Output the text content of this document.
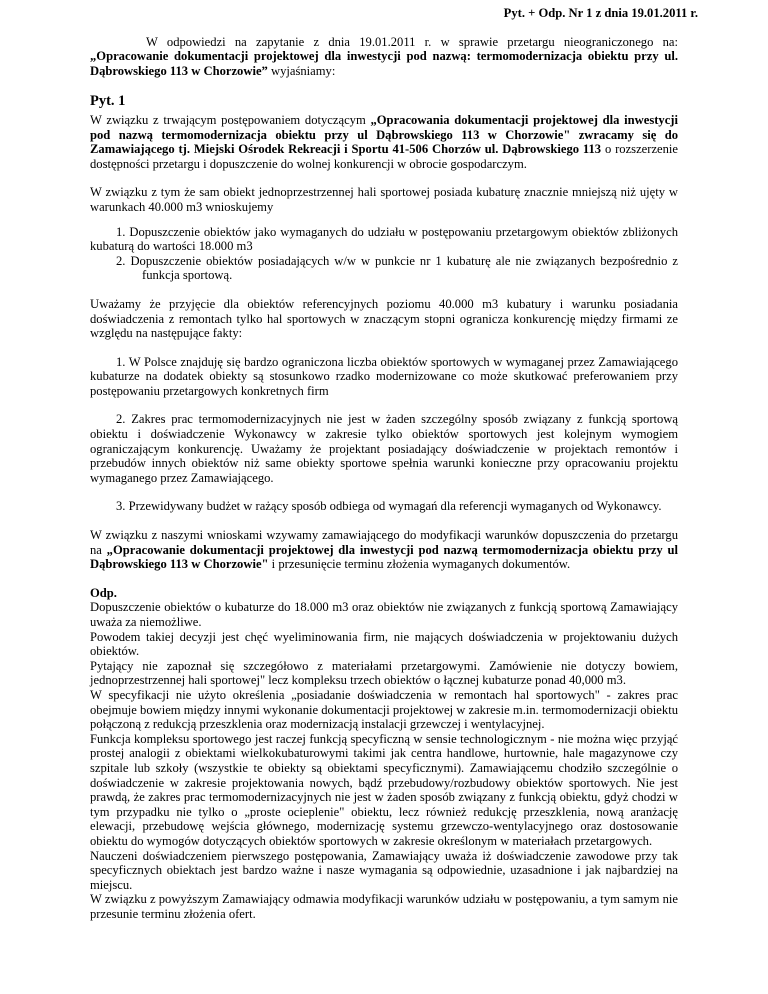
Pyt. + Odp. Nr 1 z dnia 19.01.2011 r.

W odpowiedzi na zapytanie z dnia 19.01.2011 r. w sprawie przetargu nieograniczonego na: „Opracowanie dokumentacji projektowej dla inwestycji pod nazwą: termomodernizacja obiektu przy ul. Dąbrowskiego 113 w Chorzowie” wyjaśniamy:

Pyt. 1

W związku z trwającym postępowaniem dotyczącym „Opracowania dokumentacji projektowej dla inwestycji pod nazwą termomodernizacja obiektu przy ul Dąbrowskiego 113 w Chorzowie" zwracamy się do Zamawiającego tj. Miejski Ośrodek Rekreacji i Sportu 41-506 Chorzów ul. Dąbrowskiego 113 o rozszerzenie dostępności przetargu i dopuszczenie do wolnej konkurencji w obrocie gospodarczym.

W związku z tym że sam obiekt jednoprzestrzennej hali sportowej posiada kubaturę znacznie mniejszą niż ujęty w warunkach 40.000 m3 wnioskujemy

1. Dopuszczenie obiektów jako wymaganych do udziału w postępowaniu przetargowym obiektów zbliżonych kubaturą do wartości 18.000 m3

2. Dopuszczenie obiektów posiadających w/w w punkcie nr 1 kubaturę ale nie związanych bezpośrednio z funkcja sportową.

Uważamy że przyjęcie dla obiektów referencyjnych poziomu 40.000 m3 kubatury i warunku posiadania doświadczenia z remontach tylko hal sportowych w znaczącym stopni ogranicza konkurencję między firmami ze względu na następujące fakty:

1. W Polsce znajduję się bardzo ograniczona liczba obiektów sportowych w wymaganej przez Zamawiającego kubaturze na dodatek obiekty są stosunkowo rzadko modernizowane co może skutkować preferowaniem przy postępowaniu przetargowych konkretnych firm

2. Zakres prac termomodernizacyjnych nie jest w żaden szczególny sposób związany z funkcją sportową obiektu i doświadczenie Wykonawcy w zakresie tylko obiektów sportowych jest kolejnym wymogiem ograniczającym konkurencję. Uważamy że projektant posiadający doświadczenie w projektach remontów i przebudów innych obiektów niż same obiekty sportowe spełnia warunki konieczne przy opracowaniu projektu wymaganego przez Zamawiającego.

3. Przewidywany budżet w rażący sposób odbiega od wymagań dla referencji wymaganych od Wykonawcy.

W związku z naszymi wnioskami wzywamy zamawiającego do modyfikacji warunków dopuszczenia do przetargu na „Opracowanie dokumentacji projektowej dla inwestycji pod nazwą termomodernizacja obiektu przy ul Dąbrowskiego 113 w Chorzowie" i przesunięcie terminu złożenia wymaganych dokumentów.

Odp.

Dopuszczenie obiektów o kubaturze do 18.000 m3 oraz obiektów nie związanych z funkcją sportową Zamawiający uważa za niemożliwe.

Powodem takiej decyzji jest chęć wyeliminowania firm, nie mających doświadczenia w projektowaniu dużych obiektów.

Pytający nie zapoznał się szczegółowo z materiałami przetargowymi. Zamówienie nie dotyczy bowiem, jednoprzestrzennej hali sportowej" lecz kompleksu trzech obiektów o łącznej kubaturze ponad 40,000 m3.

W specyfikacji nie użyto określenia „posiadanie doświadczenia w remontach hal sportowych" - zakres prac obejmuje bowiem między innymi wykonanie dokumentacji projektowej w zakresie m.in. termomodernizacji obiektu połączoną z redukcją przeszklenia oraz modernizacją instalacji grzewczej i wentylacyjnej.

Funkcja kompleksu sportowego jest raczej funkcją specyficzną w sensie technologicznym - nie można więc przyjąć prostej analogii z obiektami wielkokubaturowymi takimi jak centra handlowe, hurtownie, hale magazynowe czy szpitale lub szkoły (wszystkie te obiekty są obiektami specyficznymi). Zamawiającemu chodziło szczególnie o doświadczenie w zakresie projektowania nowych, bądź przebudowy/rozbudowy obiektów sportowych. Nie jest prawdą, że zakres prac termomodernizacyjnych nie jest w żaden sposób związany z funkcją obiektu, gdyż chodzi w tym przypadku nie tylko o „proste ocieplenie" obiektu, lecz również redukcję przeszklenia, nową aranżację elewacji, przebudowę wejścia głównego, modernizację systemu grzewczo-wentylacyjnego oraz dostosowanie obiektu do wymogów dotyczących obiektów sportowych w zakresie określonym w materiałach przetargowych.

Nauczeni doświadczeniem pierwszego postępowania, Zamawiający uważa iż doświadczenie zawodowe przy tak specyficznych obiektach jest bardzo ważne i nasze wymagania są odpowiednie, uzasadnione i jak najbardziej na miejscu.

W związku z powyższym Zamawiający odmawia modyfikacji warunków udziału w postępowaniu, a tym samym nie przesunie terminu złożenia ofert.
